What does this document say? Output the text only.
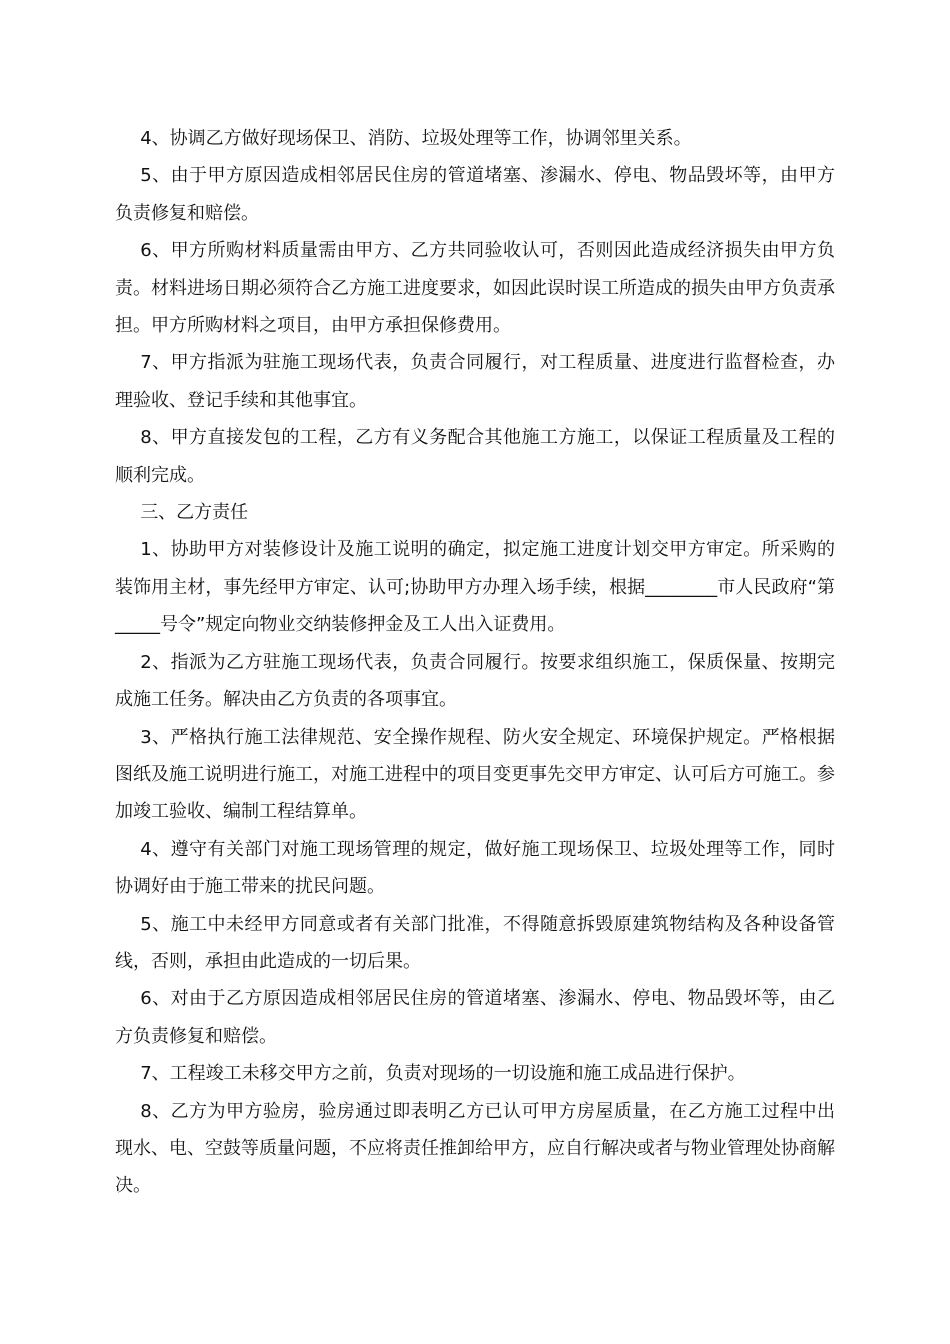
4、协调乙方做好现场保卫、消防、垃圾处理等工作，协调邻里关系。

5、由于甲方原因造成相邻居民住房的管道堵塞、渗漏水、停电、物品毁坏等，由甲方负责修复和赔偿。

6、甲方所购材料质量需由甲方、乙方共同验收认可，否则因此造成经济损失由甲方负责。材料进场日期必须符合乙方施工进度要求，如因此误时误工所造成的损失由甲方负责承担。甲方所购材料之项目，由甲方承担保修费用。

7、甲方指派为驻施工现场代表，负责合同履行，对工程质量、进度进行监督检查，办理验收、登记手续和其他事宜。

8、甲方直接发包的工程，乙方有义务配合其他施工方施工，以保证工程质量及工程的顺利完成。

三、乙方责任

1、协助甲方对装修设计及施工说明的确定，拟定施工进度计划交甲方审定。所采购的装饰用主材，事先经甲方审定、认可;协助甲方办理入场手续，根据________市人民政府“第_____号令”规定向物业交纳装修押金及工人出入证费用。

2、指派为乙方驻施工现场代表，负责合同履行。按要求组织施工，保质保量、按期完成施工任务。解决由乙方负责的各项事宜。

3、严格执行施工法律规范、安全操作规程、防火安全规定、环境保护规定。严格根据图纸及施工说明进行施工，对施工进程中的项目变更事先交甲方审定、认可后方可施工。参加竣工验收、编制工程结算单。

4、遵守有关部门对施工现场管理的规定，做好施工现场保卫、垃圾处理等工作，同时协调好由于施工带来的扰民问题。

5、施工中未经甲方同意或者有关部门批准，不得随意拆毁原建筑物结构及各种设备管线，否则，承担由此造成的一切后果。

6、对由于乙方原因造成相邻居民住房的管道堵塞、渗漏水、停电、物品毁坏等，由乙方负责修复和赔偿。

7、工程竣工未移交甲方之前，负责对现场的一切设施和施工成品进行保护。

8、乙方为甲方验房，验房通过即表明乙方已认可甲方房屋质量，在乙方施工过程中出现水、电、空鼓等质量问题，不应将责任推卸给甲方，应自行解决或者与物业管理处协商解决。
